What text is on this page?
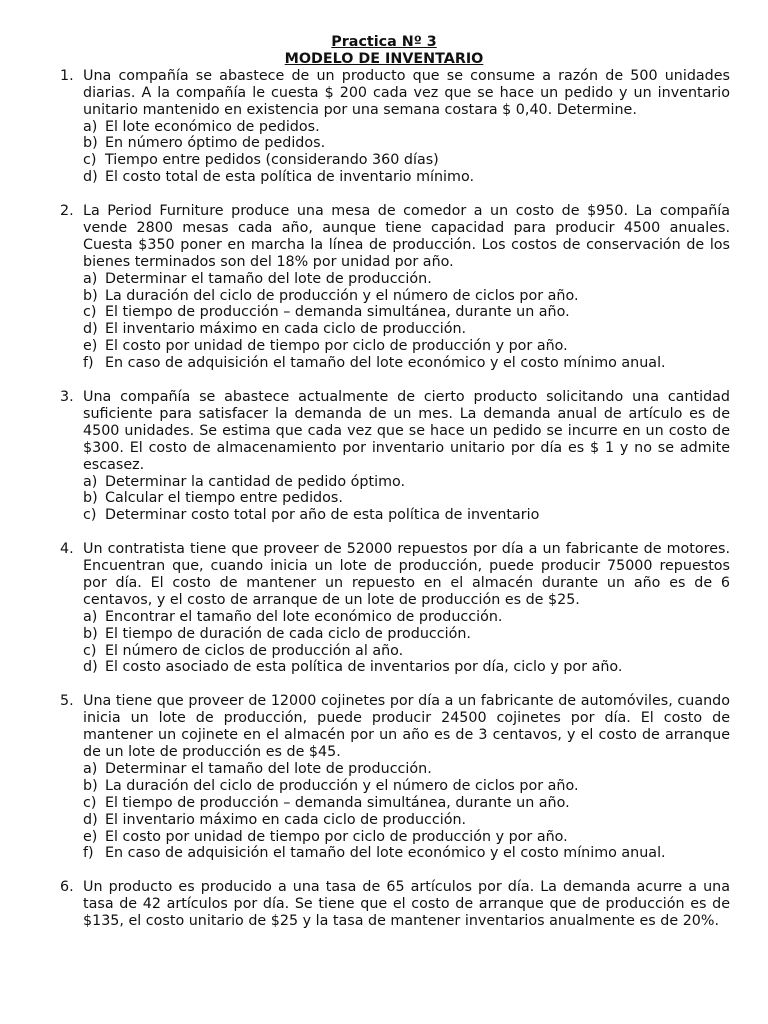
Practica Nº 3
MODELO DE INVENTARIO
1. Una compañía se abastece de un producto que se consume a razón de 500 unidades diarias. A la compañía le cuesta $ 200 cada vez que se hace un pedido y un inventario unitario mantenido en existencia por una semana costara $ 0,40. Determine.
a) El lote económico de pedidos.
b) En número óptimo de pedidos.
c) Tiempo entre pedidos (considerando 360 días)
d) El costo total de esta política de inventario mínimo.
2. La Period Furniture produce una mesa de comedor a un costo de $950. La compañía vende 2800 mesas cada año, aunque tiene capacidad para producir 4500 anuales. Cuesta $350 poner en marcha la línea de producción. Los costos de conservación de los bienes terminados son del 18% por unidad por año.
a) Determinar el tamaño del lote de producción.
b) La duración del ciclo de producción y el número de ciclos por año.
c) El tiempo de producción – demanda simultánea, durante un año.
d) El inventario máximo en cada ciclo de producción.
e) El costo por unidad de tiempo por ciclo de producción y por año.
f) En caso de adquisición el tamaño del lote económico y el costo mínimo anual.
3. Una compañía se abastece actualmente de cierto producto solicitando una cantidad suficiente para satisfacer la demanda de un mes. La demanda anual de artículo es de 4500 unidades. Se estima que cada vez que se hace un pedido se incurre en un costo de $300. El costo de almacenamiento por inventario unitario por día es $ 1 y no se admite escasez.
a) Determinar la cantidad de pedido óptimo.
b) Calcular el tiempo entre pedidos.
c) Determinar costo total por año de esta política de inventario
4. Un contratista tiene que proveer de 52000 repuestos por día a un fabricante de motores. Encuentran que, cuando inicia un lote de producción, puede producir 75000 repuestos por día. El costo de mantener un repuesto en el almacén durante un año es de 6 centavos, y el costo de arranque de un lote de producción es de $25.
a) Encontrar el tamaño del lote económico de producción.
b) El tiempo de duración de cada ciclo de producción.
c) El número de ciclos de producción al año.
d) El costo asociado de esta política de inventarios por día, ciclo y por año.
5. Una tiene que proveer de 12000 cojinetes por día a un fabricante de automóviles, cuando inicia un lote de producción, puede producir 24500 cojinetes por día. El costo de mantener un cojinete en el almacén por un año es de 3 centavos, y el costo de arranque de un lote de producción es de $45.
a) Determinar el tamaño del lote de producción.
b) La duración del ciclo de producción y el número de ciclos por año.
c) El tiempo de producción – demanda simultánea, durante un año.
d) El inventario máximo en cada ciclo de producción.
e) El costo por unidad de tiempo por ciclo de producción y por año.
f) En caso de adquisición el tamaño del lote económico y el costo mínimo anual.
6. Un producto es producido a una tasa de 65 artículos por día. La demanda acurre a una tasa de 42 artículos por día. Se tiene que el costo de arranque que de producción es de $135, el costo unitario de $25 y la tasa de mantener inventarios anualmente es de 20%.
